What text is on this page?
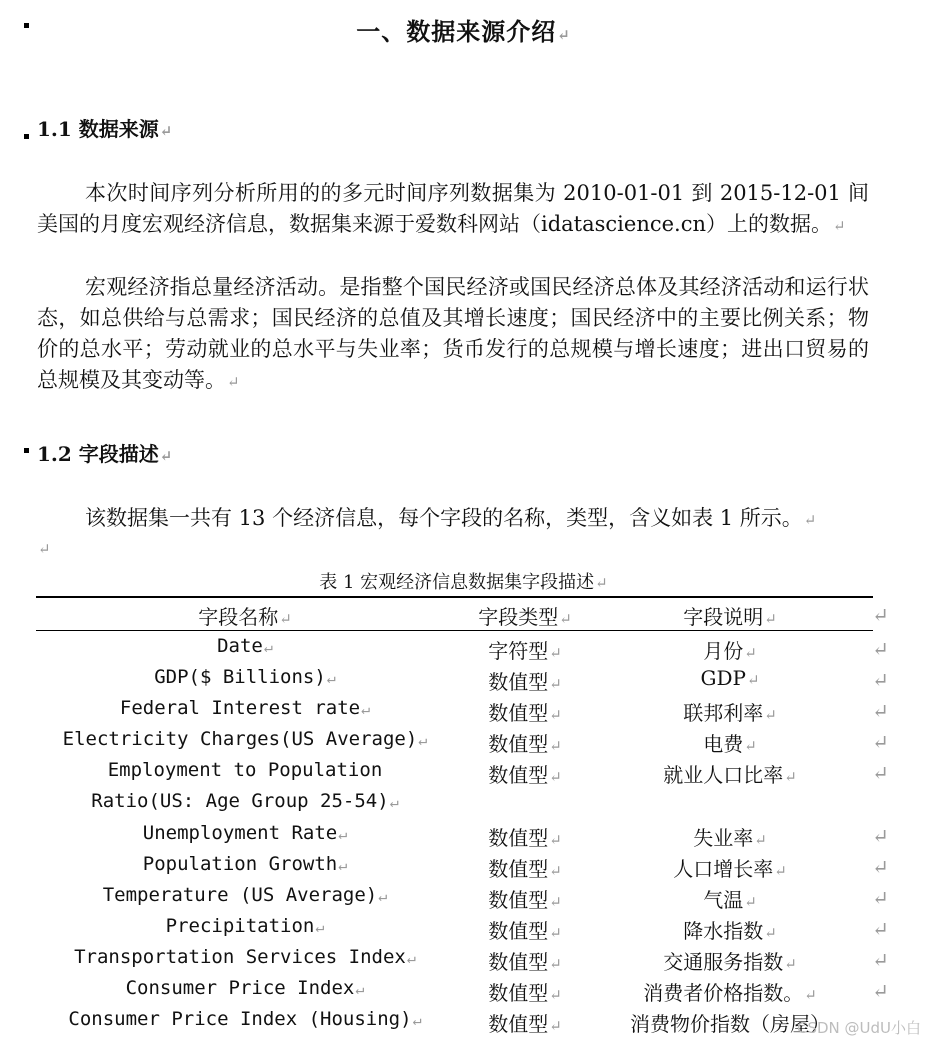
一、数据来源介绍↵
1.1 数据来源↵
本次时间序列分析所用的的多元时间序列数据集为 2010-01-01 到 2015-12-01 间美国的月度宏观经济信息，数据集来源于爱数科网站（idatascience.cn）上的数据。↵
宏观经济指总量经济活动。是指整个国民经济或国民经济总体及其经济活动和运行状态，如总供给与总需求；国民经济的总值及其增长速度；国民经济中的主要比例关系；物价的总水平；劳动就业的总水平与失业率；货币发行的总规模与增长速度；进出口贸易的总规模及其变动等。↵
1.2 字段描述↵
该数据集一共有 13 个经济信息，每个字段的名称，类型，含义如表 1 所示。↵
↵
表 1 宏观经济信息数据集字段描述↵
字段名称↵	字段类型↵	字段说明↵	↵
Date↵	字符型↵	月份↵	↵
GDP($ Billions)↵	数值型↵	GDP↵	↵
Federal Interest rate↵	数值型↵	联邦利率↵	↵
Electricity Charges(US Average)↵	数值型↵	电费↵	↵
Employment to Population
Ratio(US: Age Group 25-54)↵
数值型↵	就业人口比率↵	↵
Unemployment Rate↵	数值型↵	失业率↵	↵
Population Growth↵	数值型↵	人口增长率↵	↵
Temperature (US Average)↵	数值型↵	气温↵	↵
Precipitation↵	数值型↵	降水指数↵	↵
Transportation Services Index↵	数值型↵	交通服务指数↵	↵
Consumer Price Index↵	数值型↵	消费者价格指数。↵	↵
Consumer Price Index (Housing)↵	数值型↵	消费物价指数（房屋）
CSDN @UdU小白
